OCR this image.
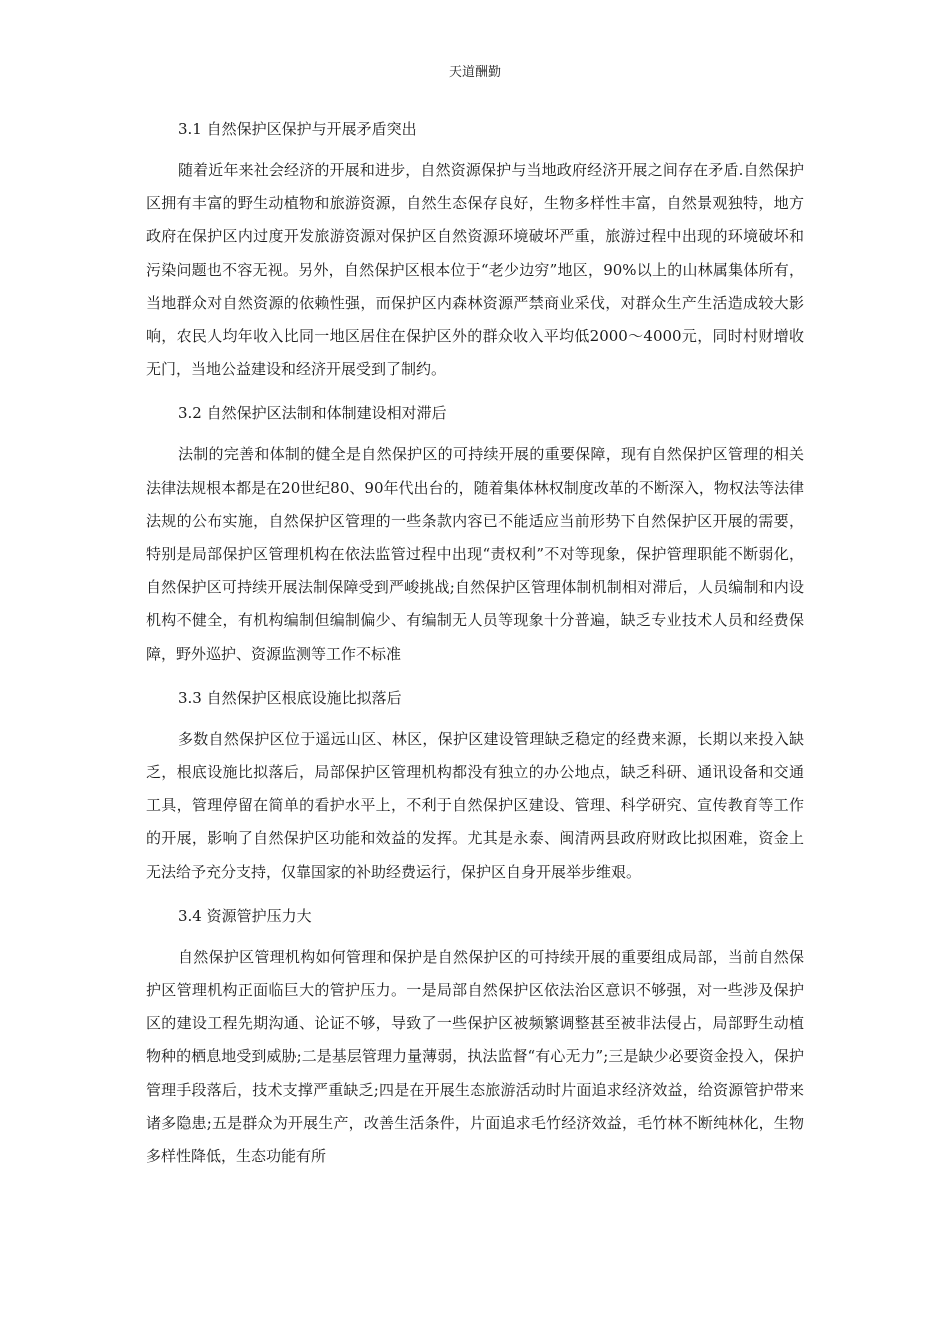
天道酬勤
3.1 自然保护区保护与开展矛盾突出
随着近年来社会经济的开展和进步，自然资源保护与当地政府经济开展之间存在矛盾.自然保护区拥有丰富的野生动植物和旅游资源，自然生态保存良好，生物多样性丰富，自然景观独特，地方政府在保护区内过度开发旅游资源对保护区自然资源环境破坏严重，旅游过程中出现的环境破坏和污染问题也不容无视。另外，自然保护区根本位于“老少边穷”地区，90%以上的山林属集体所有，当地群众对自然资源的依赖性强，而保护区内森林资源严禁商业采伐，对群众生产生活造成较大影响，农民人均年收入比同一地区居住在保护区外的群众收入平均低2000～4000元，同时村财增收无门，当地公益建设和经济开展受到了制约。
3.2 自然保护区法制和体制建设相对滞后
法制的完善和体制的健全是自然保护区的可持续开展的重要保障，现有自然保护区管理的相关法律法规根本都是在20世纪80、90年代出台的，随着集体林权制度改革的不断深入，物权法等法律法规的公布实施，自然保护区管理的一些条款内容已不能适应当前形势下自然保护区开展的需要，特别是局部保护区管理机构在依法监管过程中出现“责权利”不对等现象，保护管理职能不断弱化，自然保护区可持续开展法制保障受到严峻挑战;自然保护区管理体制机制相对滞后，人员编制和内设机构不健全，有机构编制但编制偏少、有编制无人员等现象十分普遍，缺乏专业技术人员和经费保障，野外巡护、资源监测等工作不标准
3.3 自然保护区根底设施比拟落后
多数自然保护区位于遥远山区、林区，保护区建设管理缺乏稳定的经费来源，长期以来投入缺乏，根底设施比拟落后，局部保护区管理机构都没有独立的办公地点，缺乏科研、通讯设备和交通工具，管理停留在简单的看护水平上，不利于自然保护区建设、管理、科学研究、宣传教育等工作的开展，影响了自然保护区功能和效益的发挥。尤其是永泰、闽清两县政府财政比拟困难，资金上无法给予充分支持，仅靠国家的补助经费运行，保护区自身开展举步维艰。
3.4 资源管护压力大
自然保护区管理机构如何管理和保护是自然保护区的可持续开展的重要组成局部，当前自然保护区管理机构正面临巨大的管护压力。一是局部自然保护区依法治区意识不够强，对一些涉及保护区的建设工程先期沟通、论证不够，导致了一些保护区被频繁调整甚至被非法侵占，局部野生动植物种的栖息地受到威胁;二是基层管理力量薄弱，执法监督“有心无力”;三是缺少必要资金投入，保护管理手段落后，技术支撑严重缺乏;四是在开展生态旅游活动时片面追求经济效益，给资源管护带来诸多隐患;五是群众为开展生产，改善生活条件，片面追求毛竹经济效益，毛竹林不断纯林化，生物多样性降低，生态功能有所
